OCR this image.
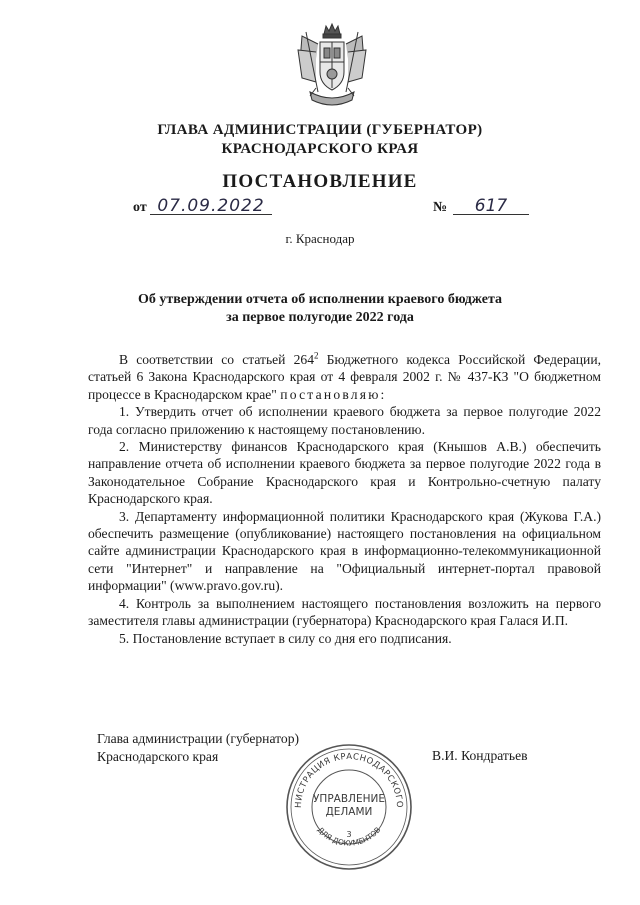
ГЛАВА АДМИНИСТРАЦИИ (ГУБЕРНАТОР)
КРАСНОДАРСКОГО КРАЯ
ПОСТАНОВЛЕНИЕ
от 07.09.2022	№	617
г. Краснодар
Об утверждении отчета об исполнении краевого бюджета
за первое полугодие 2022 года

В соответствии со статьей $264^2$ Бюджетного кодекса Российской Федерации, статьей 6 Закона Краснодарского края от 4 февраля 2002 г. № 437-КЗ "О бюджетном процессе в Краснодарском крае" постановляю:

1. Утвердить отчет об исполнении краевого бюджета за первое полугодие 2022 года согласно приложению к настоящему постановлению.

2. Министерству финансов Краснодарского края (Кнышов А.В.) обеспечить направление отчета об исполнении краевого бюджета за первое полугодие 2022 года в Законодательное Собрание Краснодарского края и Контрольно-счетную палату Краснодарского края.

3. Департаменту информационной политики Краснодарского края (Жукова Г.А.) обеспечить размещение (опубликование) настоящего постановления на официальном сайте администрации Краснодарского края в информационно-телекоммуникационной сети "Интернет" и направление на "Официальный интернет-портал правовой информации" (www.pravo.gov.ru).

4. Контроль за выполнением настоящего постановления возложить на первого заместителя главы администрации (губернатора) Краснодарского края Галася И.П.

5. Постановление вступает в силу со дня его подписания.

Глава администрации (губернатор)
Краснодарского края	В.И. Кондратьев
НИСТРАЦИЯ КРАСНОДАРСКОГО
ДЛЯ ДОКУМЕНТОВ
УПРАВЛЕНИЕ
ДЕЛАМИ
3
